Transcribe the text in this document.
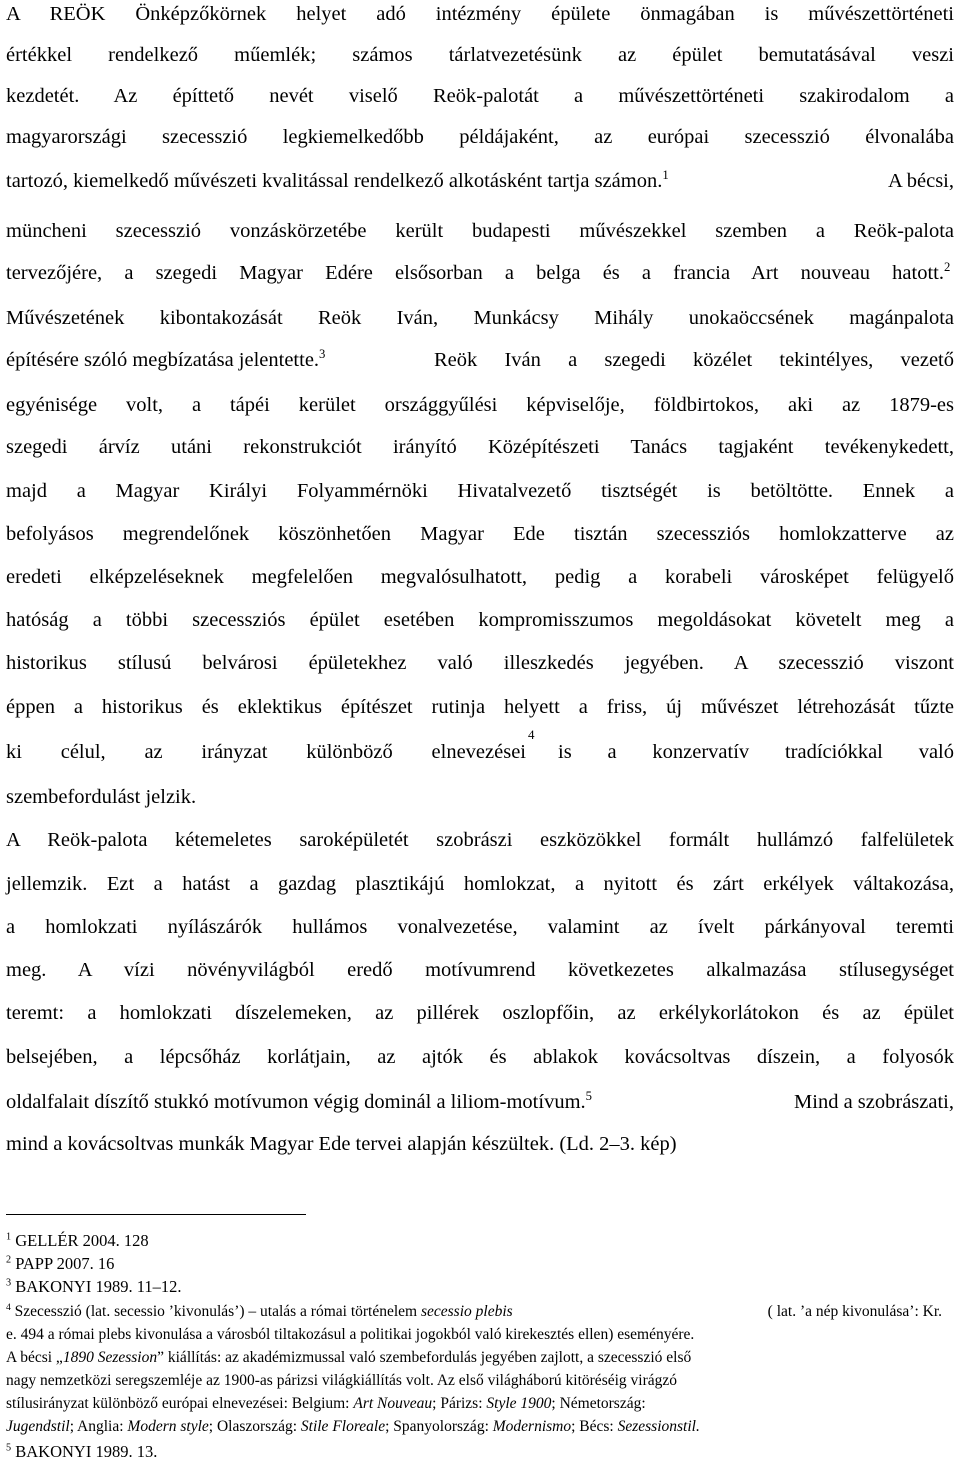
A REÖK Önképzőkörnek helyet adó intézmény épülete önmagában is művészettörténeti
értékkel rendelkező műemlék; számos tárlatvezetésünk az épület bemutatásával veszi
kezdetét. Az építtető nevét viselő Reök-palotát a művészettörténeti szakirodalom a
magyarországi szecesszió legkiemelkedőbb példájaként, az európai szecesszió élvonalába
tartozó, kiemelkedő művészeti kvalitással rendelkező alkotásként tartja számon.$^1$	A bécsi,
müncheni szecesszió vonzáskörzetébe került budapesti művészekkel szemben a Reök-palota
tervezőjére, a szegedi Magyar Edére elsősorban a belga és a francia Art nouveau hatott.$^2$
Művészetének kibontakozását Reök Iván, Munkácsy Mihály unokaöccsének magánpalota
építésére szóló megbízatása jelentette.$^3$	Reök Iván a szegedi közélet tekintélyes, vezető
egyénisége volt, a tápéi kerület országgyűlési képviselője, földbirtokos, aki az 1879-es
szegedi árvíz utáni rekonstrukciót irányító Középítészeti Tanács tagjaként tevékenykedett,
majd a Magyar Királyi Folyammérnöki Hivatalvezető tisztségét is betöltötte. Ennek a
befolyásos megrendelőnek köszönhetően Magyar Ede tisztán szecessziós homlokzatterve az
eredeti elképzeléseknek megfelelően megvalósulhatott, pedig a korabeli városképet felügyelő
hatóság a többi szecessziós épület esetében kompromisszumos megoldásokat követelt meg a
historikus stílusú belvárosi épületekhez való illeszkedés jegyében. A szecesszió viszont
éppen a historikus és eklektikus építészet rutinja helyett a friss, új művészet létrehozását tűzte
ki célul, az irányzat különböző elnevezései
4
is a konzervatív tradíciókkal való
szembefordulást jelzik.
A Reök-palota kétemeletes saroképületét szobrászi eszközökkel formált hullámzó falfelületek
jellemzik. Ezt a hatást a gazdag plasztikájú homlokzat, a nyitott és zárt erkélyek váltakozása,
a homlokzati nyílászárók hullámos vonalvezetése, valamint az ívelt párkányoval teremti
meg. A vízi növényvilágból eredő motívumrend következetes alkalmazása stílusegységet
teremt: a homlokzati díszelemeken, az pillérek oszlopfőin, az erkélykorlátokon és az épület
belsejében, a lépcsőház korlátjain, az ajtók és ablakok kovácsoltvas díszein, a folyosók
oldalfalait díszítő stukkó motívumon végig dominál a liliom-motívum.$^5$	Mind a szobrászati,
mind a kovácsoltvas munkák Magyar Ede tervei alapján készültek. (Ld. 2–3. kép)
$^1$ GELLÉR 2004. 128
$^2$ PAPP 2007. 16
$^3$ BAKONYI 1989. 11–12.
$^4$ Szecesszió (lat. secessio ’kivonulás’) – utalás a római történelem secessio plebis	( lat. ’a nép kivonulása’: Kr.
e. 494 a római plebs kivonulása a városból tiltakozásul a politikai jogokból való kirekesztés ellen) eseményére.
A bécsi „1890 Sezession” kiállítás: az akadémizmussal való szembefordulás jegyében zajlott, a szecesszió első
nagy nemzetközi seregszemléje az 1900-as párizsi világkiállítás volt. Az első világháború kitöréséig virágzó
stílusirányzat különböző európai elnevezései: Belgium: Art Nouveau; Párizs: Style 1900; Németország:
Jugendstil; Anglia: Modern style; Olaszország: Stile Floreale; Spanyolország: Modernismo; Bécs: Sezessionstil.
$^5$ BAKONYI 1989. 13.
